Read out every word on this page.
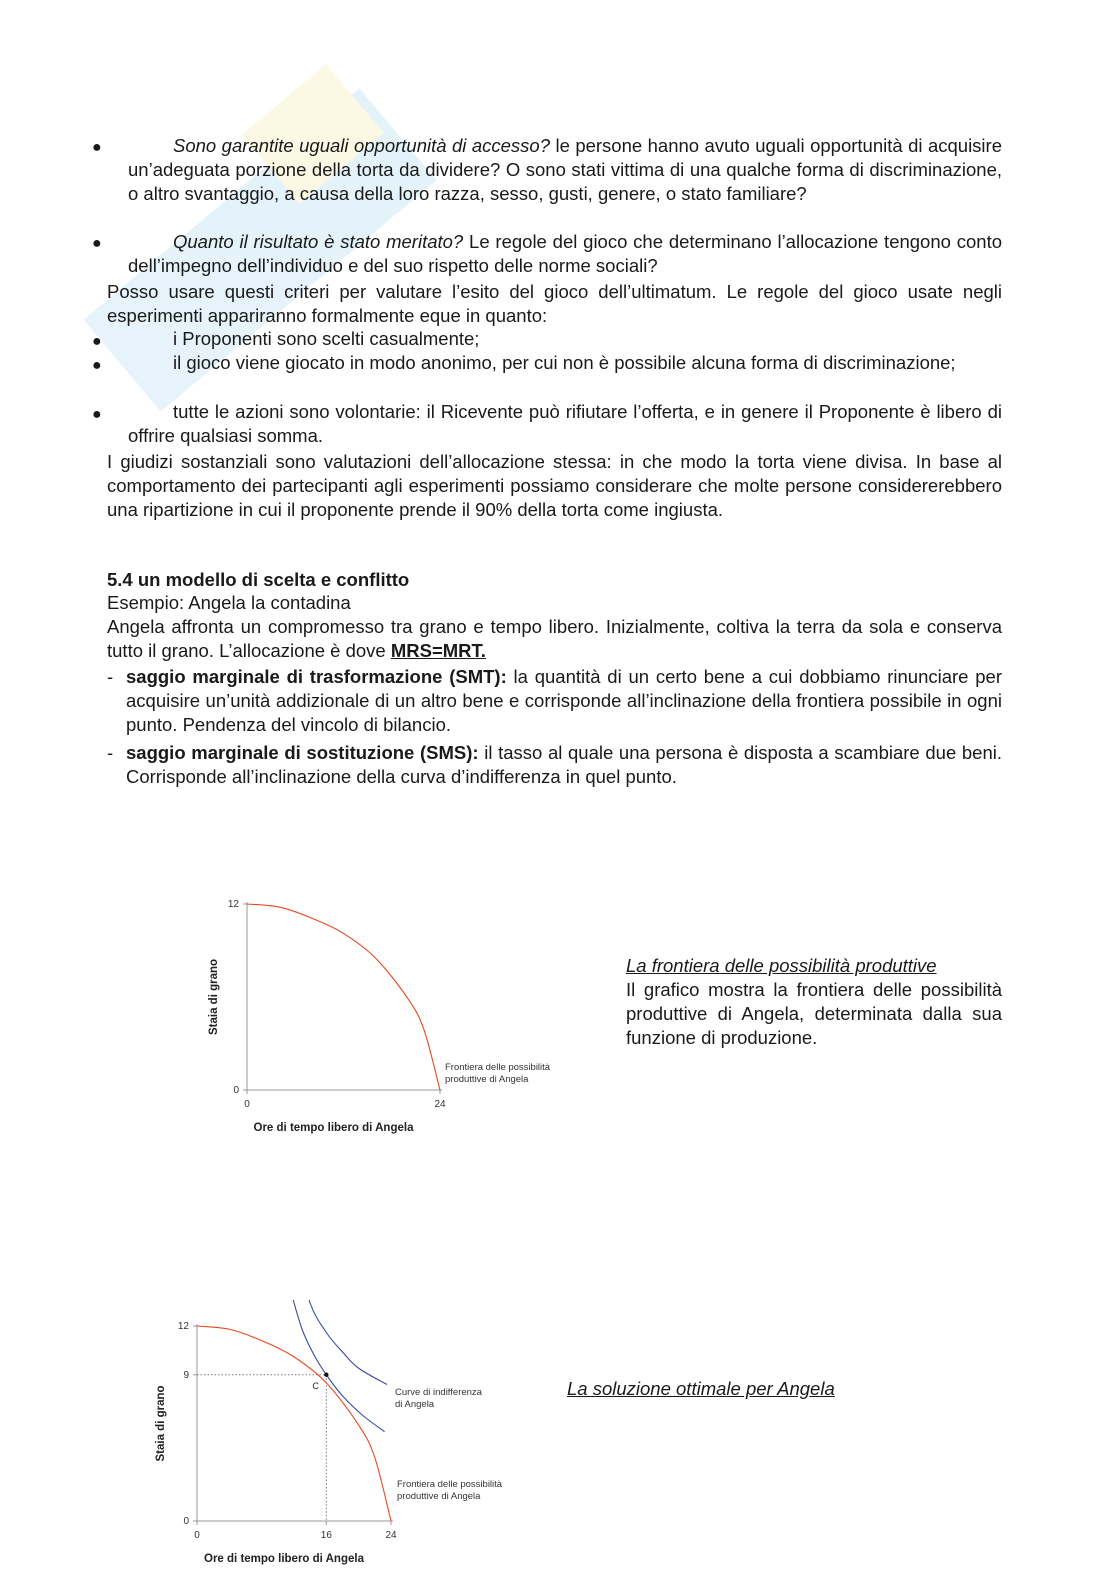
●	Sono garantite uguali opportunità di accesso? le persone hanno avuto uguali opportunità di acquisire un’adeguata porzione della torta da dividere? O sono stati vittima di una qualche forma di discriminazione, o altro svantaggio, a causa della loro razza, sesso, gusti, genere, o stato familiare?

●	Quanto il risultato è stato meritato? Le regole del gioco che determinano l’allocazione tengono conto dell’impegno dell’individuo e del suo rispetto delle norme sociali?

Posso usare questi criteri per valutare l’esito del gioco dell’ultimatum. Le regole del gioco usate negli esperimenti appariranno formalmente eque in quanto:

●	i Proponenti sono scelti casualmente;

●	il gioco viene giocato in modo anonimo, per cui non è possibile alcuna forma di discriminazione;

●	tutte le azioni sono volontarie: il Ricevente può rifiutare l’offerta, e in genere il Proponente è libero di offrire qualsiasi somma.

I giudizi sostanziali sono valutazioni dell’allocazione stessa: in che modo la torta viene divisa. In base al comportamento dei partecipanti agli esperimenti possiamo considerare che molte persone considererebbero una ripartizione in cui il proponente prende il 90% della torta come ingiusta.

5.4 un modello di scelta e conflitto

Esempio: Angela la contadina

Angela affronta un compromesso tra grano e tempo libero. Inizialmente, coltiva la terra da sola e conserva tutto il grano. L’allocazione è dove MRS=MRT.

- saggio marginale di trasformazione (SMT): la quantità di un certo bene a cui dobbiamo rinunciare per acquisire un’unità addizionale di un altro bene e corrisponde all’inclinazione della frontiera possibile in ogni punto. Pendenza del vincolo di bilancio.

- saggio marginale di sostituzione (SMS): il tasso al quale una persona è disposta a scambiare due beni. Corrisponde all’inclinazione della curva d’indifferenza in quel punto.

0
12
0	24
Ore di tempo libero di Angela
Staia di grano
Frontiera delle possibilità
produttive di Angela

La frontiera delle possibilità produttive

Il grafico mostra la frontiera delle possibilità produttive di Angela, determinata dalla sua funzione di produzione.

0
9
12
0	16	24
Ore di tempo libero di Angela
Staia di grano	C
Curve di indifferenza
di Angela
Frontiera delle possibilità
produttive di Angela

La soluzione ottimale per Angela
